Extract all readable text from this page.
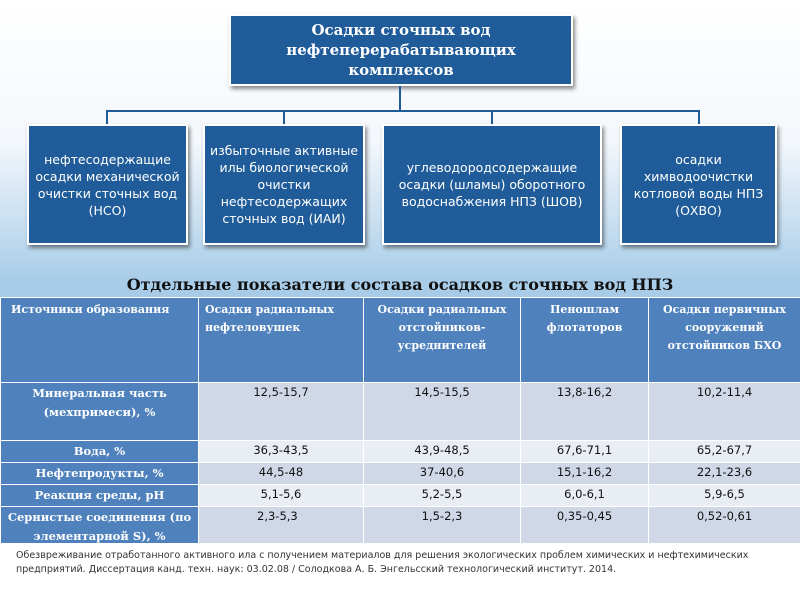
Осадки сточных вод нефтеперерабатывающих комплексов
нефтесодержащие осадки механической очистки сточных вод (НСО)
избыточные активные илы биологической очистки нефтесодержащих сточных вод (ИАИ)
углеводородсодержащие осадки (шламы) оборотного водоснабжения НПЗ (ШОВ)
осадки химводоочистки котловой воды НПЗ (ОХВО)
Отдельные показатели состава осадков сточных вод НПЗ
Источники образования	Осадки радиальных нефтеловушек	Осадки радиальных отстойников-усреднителей	Пеношлам флотаторов	Осадки первичных сооружений отстойников БХО
Минеральная часть (мехпримеси), %	12,5-15,7	14,5-15,5	13,8-16,2	10,2-11,4
Вода, %	36,3-43,5	43,9-48,5	67,6-71,1	65,2-67,7
Нефтепродукты, %	44,5-48	37-40,6	15,1-16,2	22,1-23,6
Реакция среды, рН	5,1-5,6	5,2-5,5	6,0-6,1	5,9-6,5
Сернистые соединения (по элементарной S), %	2,3-5,3	1,5-2,3	0,35-0,45	0,52-0,61
Обезвреживание отработанного активного ила с получением материалов для решения экологических проблем химических и нефтехимических предприятий. Диссертация канд. техн. наук: 03.02.08 / Солодкова А. Б. Энгельсский технологический институт. 2014.
